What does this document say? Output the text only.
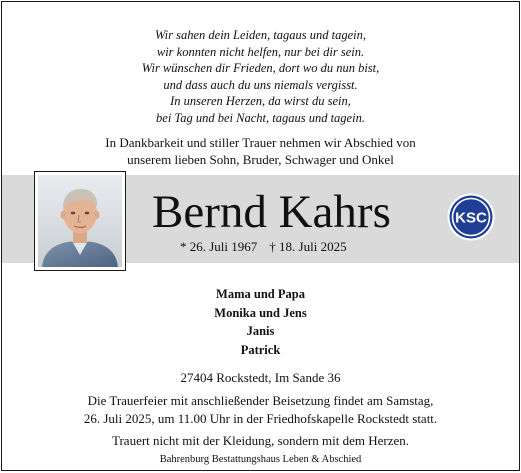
Wir sahen dein Leiden, tagaus und tagein,
wir konnten nicht helfen, nur bei dir sein.
Wir wünschen dir Frieden, dort wo du nun bist,
und dass auch du uns niemals vergisst.
In unseren Herzen, da wirst du sein,
bei Tag und bei Nacht, tagaus und tagein.
In Dankbarkeit und stiller Trauer nehmen wir Abschied von
unserem lieben Sohn, Bruder, Schwager und Onkel
Bernd Kahrs
* 26. Juli 1967 † 18. Juli 2025
KSC
Mama und Papa
Monika und Jens
Janis
Patrick
27404 Rockstedt, Im Sande 36
Die Trauerfeier mit anschließender Beisetzung findet am Samstag,
26. Juli 2025, um 11.00 Uhr in der Friedhofskapelle Rockstedt statt.
Trauert nicht mit der Kleidung, sondern mit dem Herzen.
Bahrenburg Bestattungshaus Leben & Abschied
